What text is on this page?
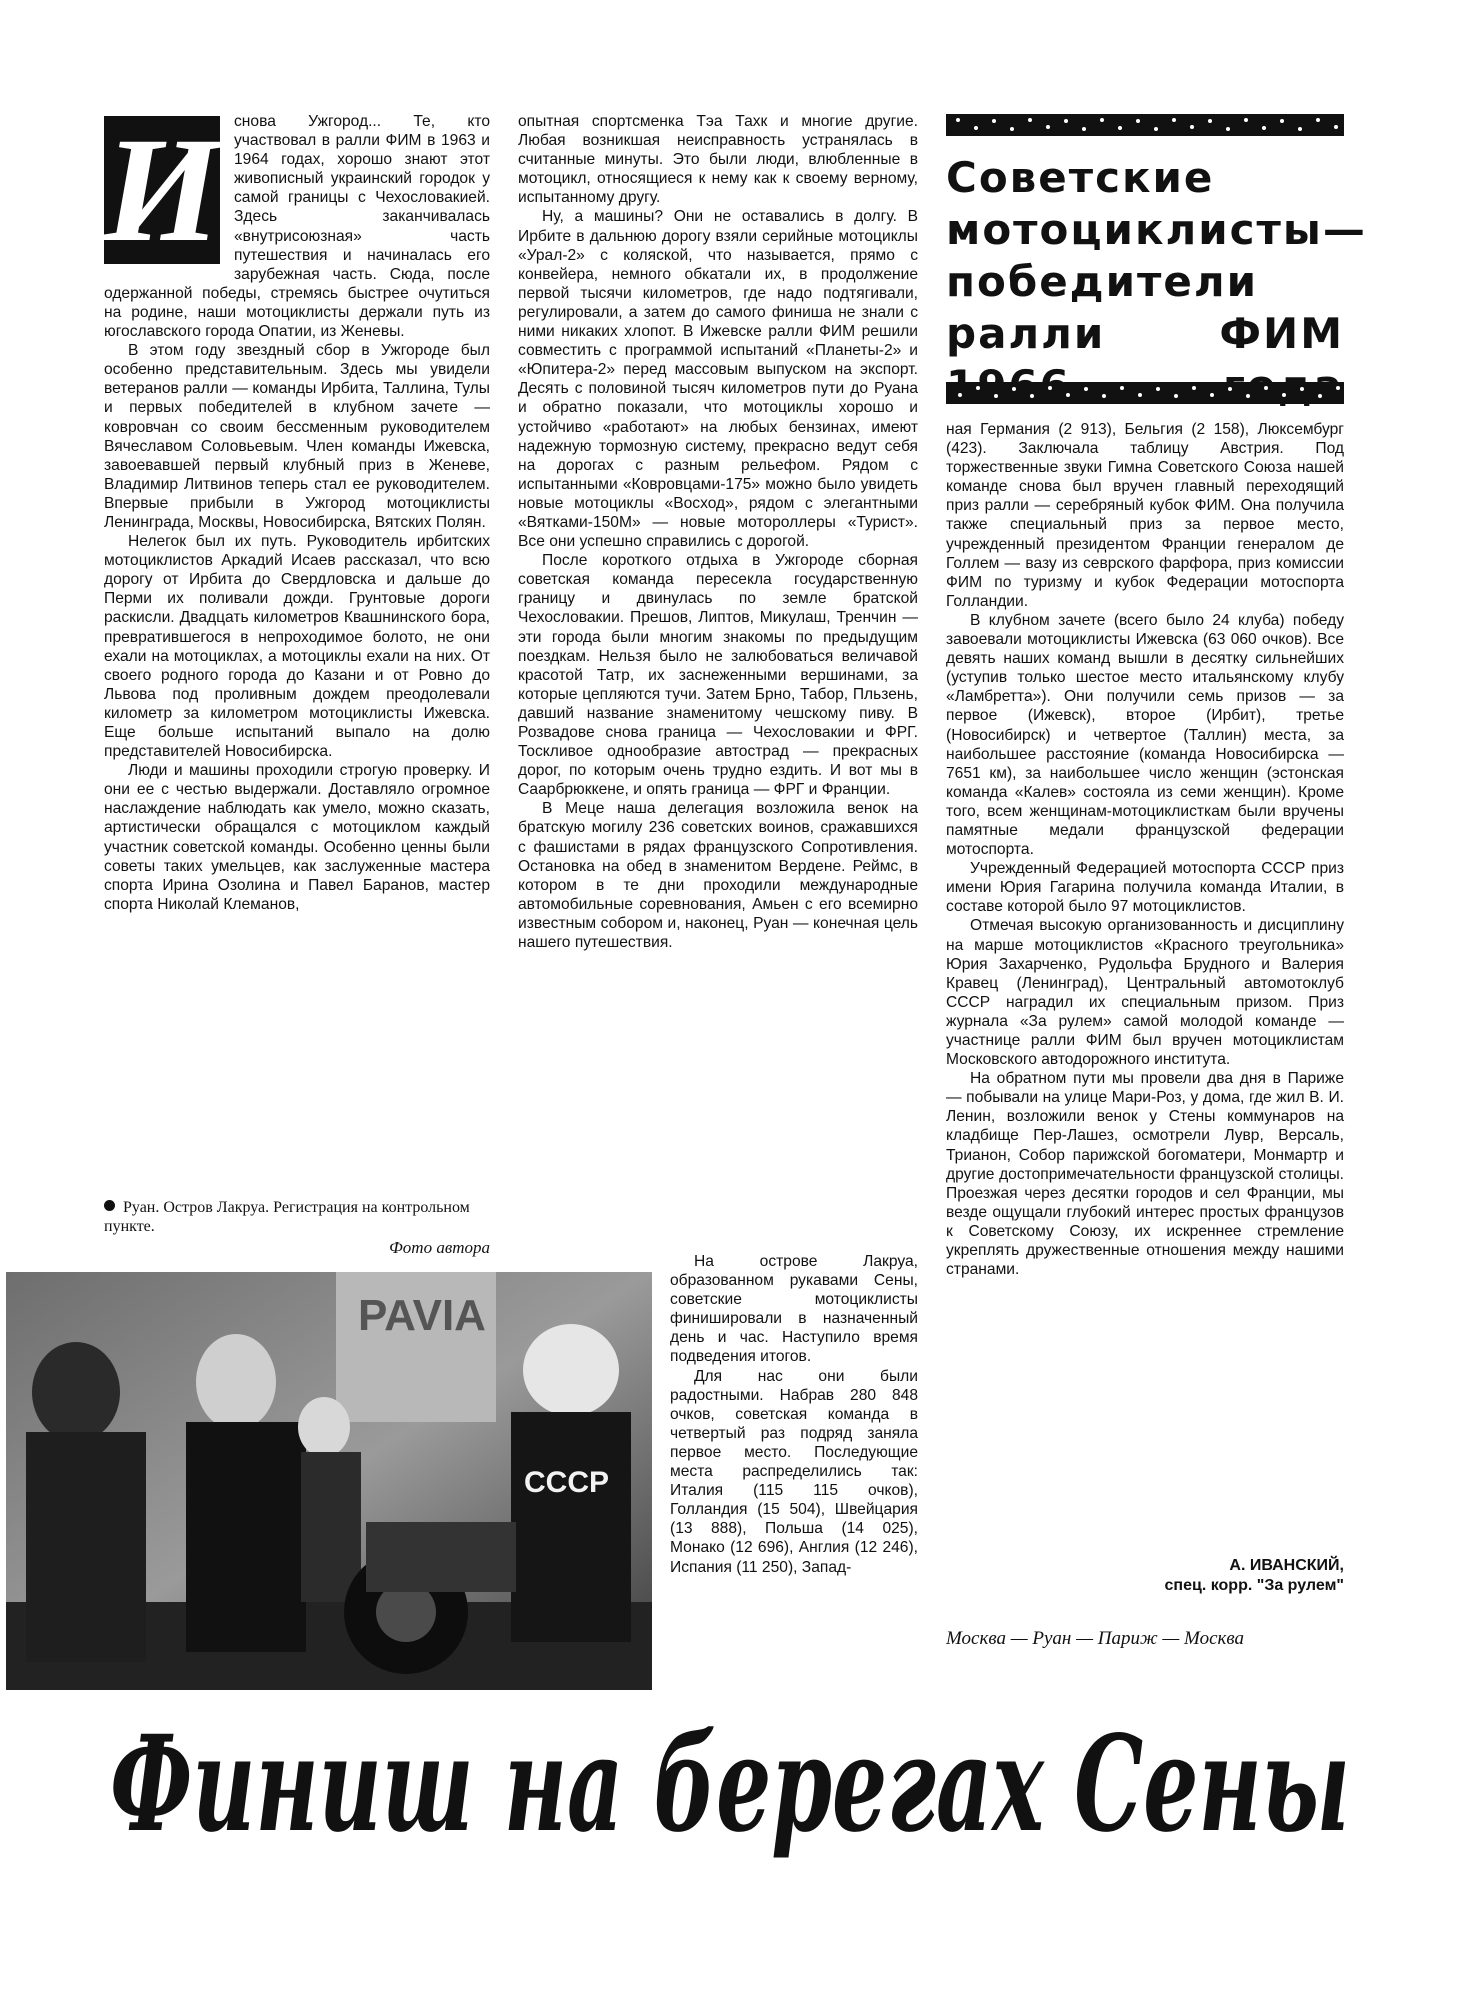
И снова Ужгород... Те, кто участвовал в ралли ФИМ в 1963 и 1964 годах, хорошо знают этот живописный украинский городок у самой границы с Чехословакией. Здесь заканчивалась «внутрисоюзная» часть путешествия и начиналась его зарубежная часть. Сюда, после одержанной победы, стремясь быстрее очутиться на родине, наши мотоциклисты держали путь из югославского города Опатии, из Женевы.

В этом году звездный сбор в Ужгороде был особенно представительным. Здесь мы увидели ветеранов ралли — команды Ирбита, Таллина, Тулы и первых победителей в клубном зачете — ковровчан со своим бессменным руководителем Вячеславом Соловьевым. Член команды Ижевска, завоевавшей первый клубный приз в Женеве, Владимир Литвинов теперь стал ее руководителем. Впервые прибыли в Ужгород мотоциклисты Ленинграда, Москвы, Новосибирска, Вятских Полян.

Нелегок был их путь. Руководитель ирбитских мотоциклистов Аркадий Исаев рассказал, что всю дорогу от Ирбита до Свердловска и дальше до Перми их поливали дожди. Грунтовые дороги раскисли. Двадцать километров Квашнинского бора, превратившегося в непроходимое болото, не они ехали на мотоциклах, а мотоциклы ехали на них. От своего родного города до Казани и от Ровно до Львова под проливным дождем преодолевали километр за километром мотоциклисты Ижевска. Еще больше испытаний выпало на долю представителей Новосибирска.

Люди и машины проходили строгую проверку. И они ее с честью выдержали. Доставляло огромное наслаждение наблюдать как умело, можно сказать, артистически обращался с мотоциклом каждый участник советской команды. Особенно ценны были советы таких умельцев, как заслуженные мастера спорта Ирина Озолина и Павел Баранов, мастер спорта Николай Клеманов,

опытная спортсменка Тэа Тахк и многие другие. Любая возникшая неисправность устранялась в считанные минуты. Это были люди, влюбленные в мотоцикл, относящиеся к нему как к своему верному, испытанному другу.

Ну, а машины? Они не оставались в долгу. В Ирбите в дальнюю дорогу взяли серийные мотоциклы «Урал-2» с коляской, что называется, прямо с конвейера, немного обкатали их, в продолжение первой тысячи километров, где надо подтягивали, регулировали, а затем до самого финиша не знали с ними никаких хлопот. В Ижевске ралли ФИМ решили совместить с программой испытаний «Планеты-2» и «Юпитера-2» перед массовым выпуском на экспорт. Десять с половиной тысяч километров пути до Руана и обратно показали, что мотоциклы хорошо и устойчиво «работают» на любых бензинах, имеют надежную тормозную систему, прекрасно ведут себя на дорогах с разным рельефом. Рядом с испытанными «Ковровцами-175» можно было увидеть новые мотоциклы «Восход», рядом с элегантными «Вятками-150М» — новые мотороллеры «Турист». Все они успешно справились с дорогой.

После короткого отдыха в Ужгороде сборная советская команда пересекла государственную границу и двинулась по земле братской Чехословакии. Прешов, Липтов, Микулаш, Тренчин — эти города были многим знакомы по предыдущим поездкам. Нельзя было не залюбоваться величавой красотой Татр, их заснеженными вершинами, за которые цепляются тучи. Затем Брно, Табор, Пльзень, давший название знаменитому чешскому пиву. В Розвадове снова граница — Чехословакии и ФРГ. Тоскливое однообразие автострад — прекрасных дорог, по которым очень трудно ездить. И вот мы в Саарбрюккене, и опять граница — ФРГ и Франции.

В Меце наша делегация возложила венок на братскую могилу 236 советских воинов, сражавшихся с фашистами в рядах французского Сопротивления. Остановка на обед в знаменитом Вердене. Реймс, в котором в те дни проходили международные автомобильные соревнования, Амьен с его всемирно известным собором и, наконец, Руан — конечная цель нашего путешествия.

На острове Лакруа, образованном рукавами Сены, советские мотоциклисты финишировали в назначенный день и час. Наступило время подведения итогов.

Для нас они были радостными. Набрав 280 848 очков, советская команда в четвертый раз подряд заняла первое место. Последующие места распределились так: Италия (115 115 очков), Голландия (15 504), Швейцария (13 888), Польша (14 025), Монако (12 696), Англия (12 246), Испания (11 250), Запад-

Советские
мотоциклисты—
победители
ралли ФИМ

ная Германия (2 913), Бельгия (2 158), Люксембург (423). Заключала таблицу Австрия. Под торжественные звуки Гимна Советского Союза нашей команде снова был вручен главный переходящий приз ралли — серебряный кубок ФИМ. Она получила также специальный приз за первое место, учрежденный президентом Франции генералом де Голлем — вазу из севрского фарфора, приз комиссии ФИМ по туризму и кубок Федерации мотоспорта Голландии.

В клубном зачете (всего было 24 клуба) победу завоевали мотоциклисты Ижевска (63 060 очков). Все девять наших команд вышли в десятку сильнейших (уступив только шестое место итальянскому клубу «Ламбретта»). Они получили семь призов — за первое (Ижевск), второе (Ирбит), третье (Новосибирск) и четвертое (Таллин) места, за наибольшее расстояние (команда Новосибирска — 7651 км), за наибольшее число женщин (эстонская команда «Калев» состояла из семи женщин). Кроме того, всем женщинам-мотоциклисткам были вручены памятные медали французской федерации мотоспорта.

Учрежденный Федерацией мотоспорта СССР приз имени Юрия Гагарина получила команда Италии, в составе которой было 97 мотоциклистов.

Отмечая высокую организованность и дисциплину на марше мотоциклистов «Красного треугольника» Юрия Захарченко, Рудольфа Брудного и Валерия Кравец (Ленинград), Центральный автомотоклуб СССР наградил их специальным призом. Приз журнала «За рулем» самой молодой команде — участнице ралли ФИМ был вручен мотоциклистам Московского автодорожного института.

На обратном пути мы провели два дня в Париже — побывали на улице Мари-Роз, у дома, где жил В. И. Ленин, возложили венок у Стены коммунаров на кладбище Пер-Лашез, осмотрели Лувр, Версаль, Трианон, Собор парижской богоматери, Монмартр и другие достопримечательности французской столицы. Проезжая через десятки городов и сел Франции, мы везде ощущали глубокий интерес простых французов к Советскому Союзу, их искреннее стремление укреплять дружественные отношения между нашими странами.

Руан. Остров Лакруа. Регистрация на контрольном пункте.
Фото автора
PAVIA
СССР
А. ИВАНСКИЙ,
спец. корр. "За рулем"
Москва — Руан — Париж — Москва
Финиш на берегах Сены
